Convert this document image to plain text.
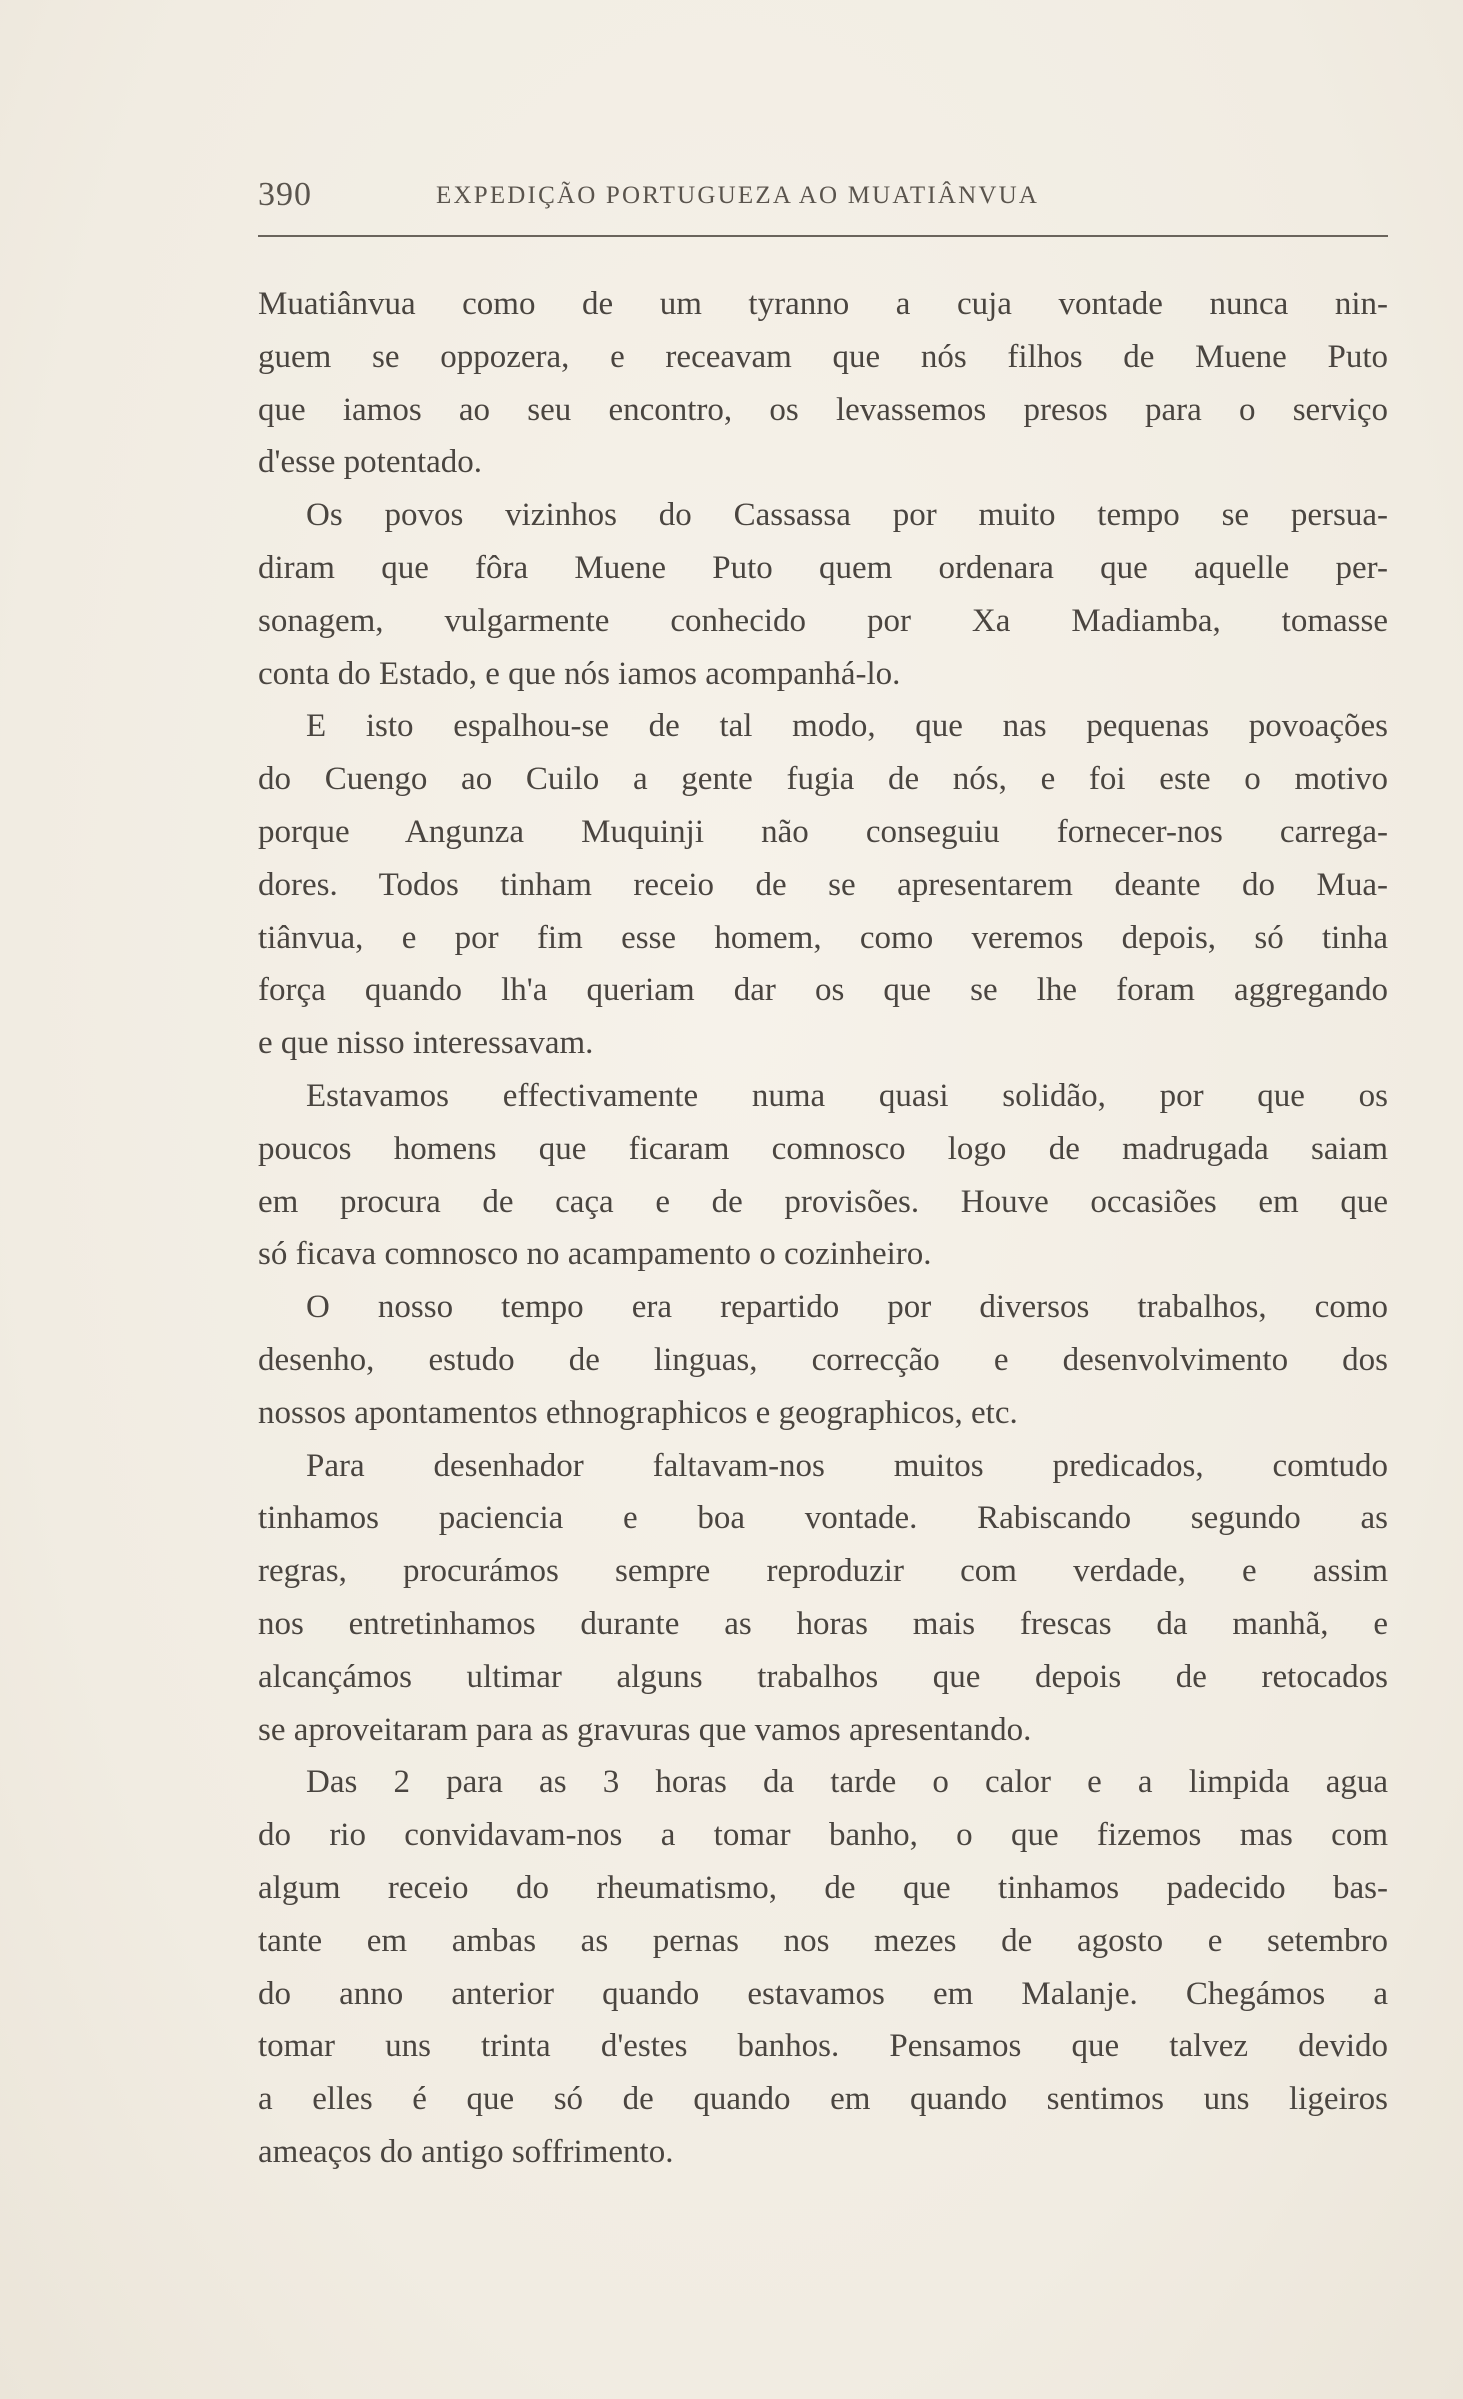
390	EXPEDIÇÃO PORTUGUEZA AO MUATIÂNVUA
Muatiânvua como de um tyranno a cuja vontade nunca nin-
guem se oppozera, e receavam que nós filhos de Muene Puto
que iamos ao seu encontro, os levassemos presos para o serviço
d'esse potentado.
Os povos vizinhos do Cassassa por muito tempo se persua-
diram que fôra Muene Puto quem ordenara que aquelle per-
sonagem, vulgarmente conhecido por Xa Madiamba, tomasse
conta do Estado, e que nós iamos acompanhá-lo.
E isto espalhou-se de tal modo, que nas pequenas povoações
do Cuengo ao Cuilo a gente fugia de nós, e foi este o motivo
porque Angunza Muquinji não conseguiu fornecer-nos carrega-
dores. Todos tinham receio de se apresentarem deante do Mua-
tiânvua, e por fim esse homem, como veremos depois, só tinha
força quando lh'a queriam dar os que se lhe foram aggregando
e que nisso interessavam.
Estavamos effectivamente numa quasi solidão, por que os
poucos homens que ficaram comnosco logo de madrugada saiam
em procura de caça e de provisões. Houve occasiões em que
só ficava comnosco no acampamento o cozinheiro.
O nosso tempo era repartido por diversos trabalhos, como
desenho, estudo de linguas, correcção e desenvolvimento dos
nossos apontamentos ethnographicos e geographicos, etc.
Para desenhador faltavam-nos muitos predicados, comtudo
tinhamos paciencia e boa vontade. Rabiscando segundo as
regras, procurámos sempre reproduzir com verdade, e assim
nos entretinhamos durante as horas mais frescas da manhã, e
alcançámos ultimar alguns trabalhos que depois de retocados
se aproveitaram para as gravuras que vamos apresentando.
Das 2 para as 3 horas da tarde o calor e a limpida agua
do rio convidavam-nos a tomar banho, o que fizemos mas com
algum receio do rheumatismo, de que tinhamos padecido bas-
tante em ambas as pernas nos mezes de agosto e setembro
do anno anterior quando estavamos em Malanje. Chegámos a
tomar uns trinta d'estes banhos. Pensamos que talvez devido
a elles é que só de quando em quando sentimos uns ligeiros
ameaços do antigo soffrimento.
